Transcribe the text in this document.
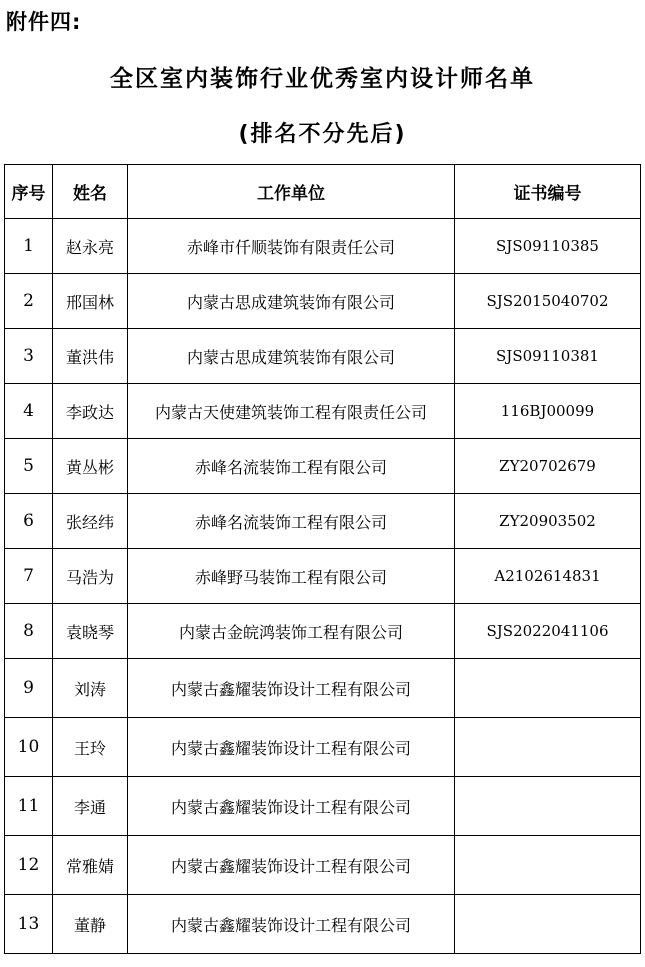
附件四:
全区室内装饰行业优秀室内设计师名单
(排名不分先后)
序号	姓名	工作单位	证书编号
1	赵永亮	赤峰市仟顺装饰有限责任公司	SJS09110385
2	邢国林	内蒙古思成建筑装饰有限公司	SJS2015040702
3	董洪伟	内蒙古思成建筑装饰有限公司	SJS09110381
4	李政达	内蒙古天使建筑装饰工程有限责任公司	116BJ00099
5	黄丛彬	赤峰名流装饰工程有限公司	ZY20702679
6	张经纬	赤峰名流装饰工程有限公司	ZY20903502
7	马浩为	赤峰野马装饰工程有限公司	A2102614831
8	袁晓琴	内蒙古金皖鸿装饰工程有限公司	SJS2022041106
9	刘涛	内蒙古鑫耀装饰设计工程有限公司	
10	王玲	内蒙古鑫耀装饰设计工程有限公司	
11	李通	内蒙古鑫耀装饰设计工程有限公司	
12	常雅婧	内蒙古鑫耀装饰设计工程有限公司	
13	董静	内蒙古鑫耀装饰设计工程有限公司	
